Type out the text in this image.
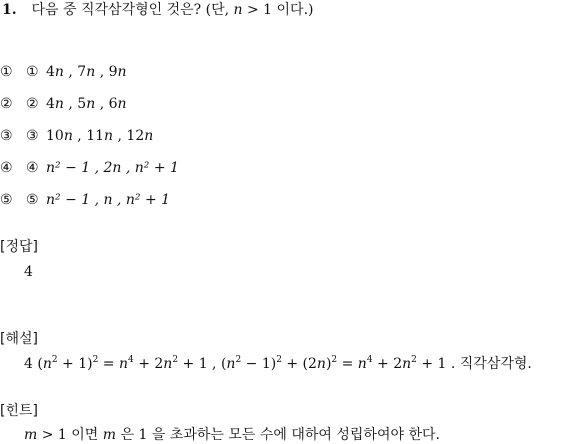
1. 다음 중 직각삼각형인 것은? (단, n > 1 이다.)
① ① 4n , 7n , 9n
② ② 4n , 5n , 6n
③ ③ 10n , 11n , 12n
④ ④ n² − 1 , 2n , n² + 1
⑤ ⑤ n² − 1 , n , n² + 1
[정답]
4
[해설]
4 $(n^2 + 1)^2 = n^4 + 2n^2 + 1$ , $(n^2 - 1)^2 + (2n)^2 = n^4 + 2n^2 + 1$ . 직각삼각형.
[힌트]
m > 1 이면 m 은 1 을 초과하는 모든 수에 대하여 성립하여야 한다.
